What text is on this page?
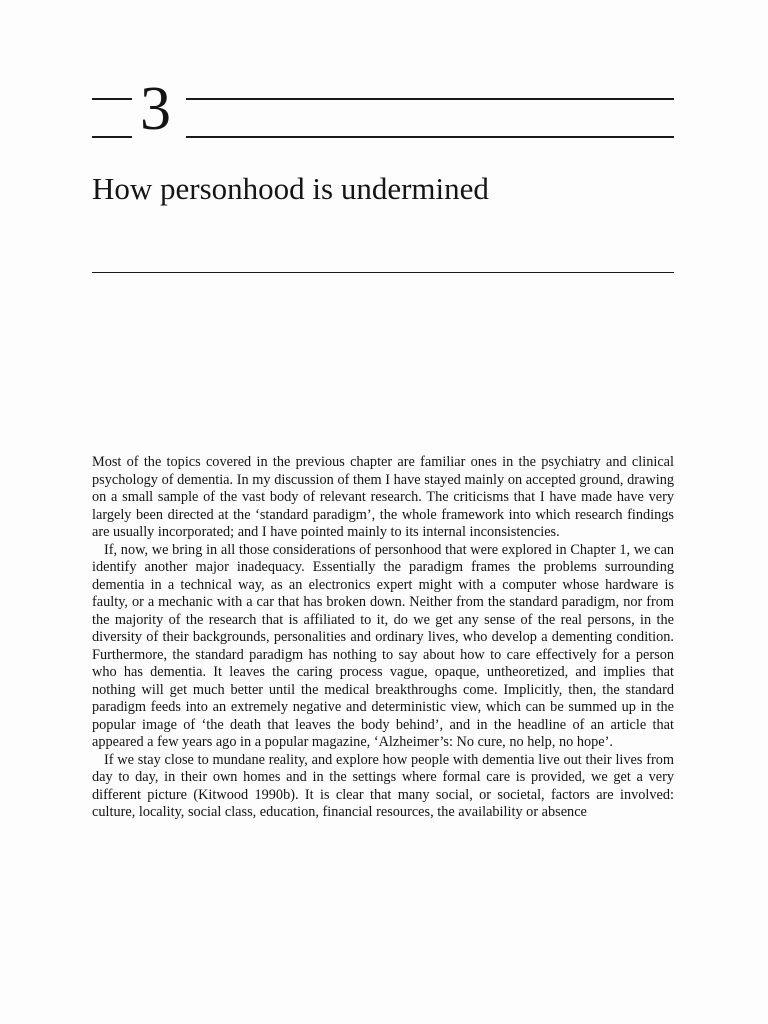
3
How personhood is undermined

Most of the topics covered in the previous chapter are familiar ones in the psychiatry and clinical psychology of dementia. In my discussion of them I have stayed mainly on accepted ground, drawing on a small sample of the vast body of relevant research. The criticisms that I have made have very largely been directed at the ‘standard paradigm’, the whole framework into which research findings are usually incorporated; and I have pointed mainly to its internal inconsistencies.

If, now, we bring in all those considerations of personhood that were explored in Chapter 1, we can identify another major inadequacy. Essentially the paradigm frames the problems surrounding dementia in a technical way, as an electronics expert might with a computer whose hardware is faulty, or a mechanic with a car that has broken down. Neither from the standard paradigm, nor from the majority of the research that is affiliated to it, do we get any sense of the real persons, in the diversity of their backgrounds, personalities and ordinary lives, who develop a dementing condition. Furthermore, the standard paradigm has nothing to say about how to care effectively for a person who has dementia. It leaves the caring process vague, opaque, untheoretized, and implies that nothing will get much better until the medical breakthroughs come. Implicitly, then, the standard paradigm feeds into an extremely negative and deterministic view, which can be summed up in the popular image of ‘the death that leaves the body behind’, and in the headline of an article that appeared a few years ago in a popular magazine, ‘Alzheimer’s: No cure, no help, no hope’.

If we stay close to mundane reality, and explore how people with dementia live out their lives from day to day, in their own homes and in the settings where formal care is provided, we get a very different picture (Kitwood 1990b). It is clear that many social, or societal, factors are involved: culture, locality, social class, education, financial resources, the availability or absence
